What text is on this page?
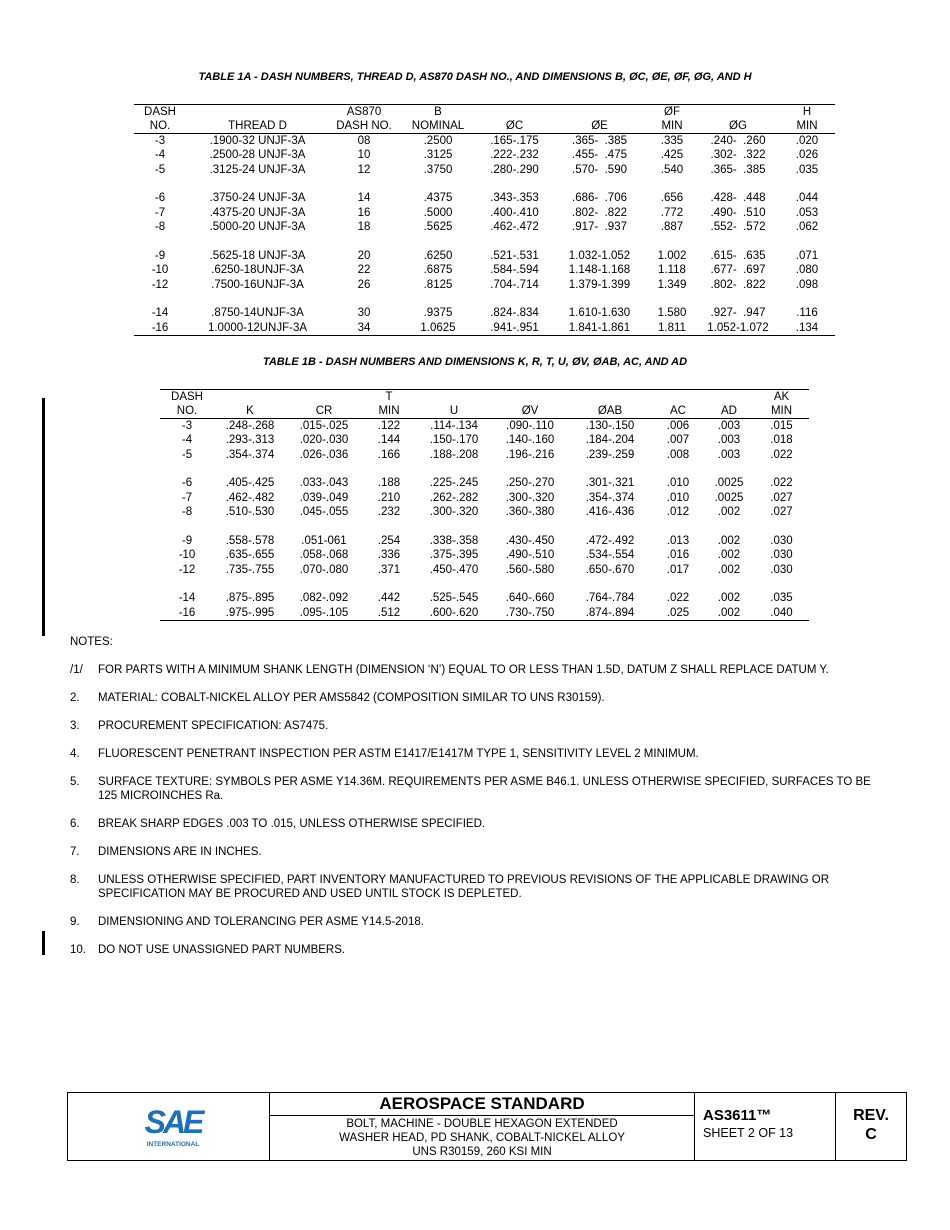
TABLE 1A - DASH NUMBERS, THREAD D, AS870 DASH NO., AND DIMENSIONS B, ØC, ØE, ØF, ØG, AND H
DASH		AS870	B			ØF		H
NO.	THREAD D	DASH NO.	NOMINAL	ØC	ØE	MIN	ØG	MIN
-3	.1900-32 UNJF-3A	08	.2500	.165-.175	.365-  .385	.335	.240-  .260	.020
-4	.2500-28 UNJF-3A	10	.3125	.222-.232	.455-  .475	.425	.302-  .322	.026
-5	.3125-24 UNJF-3A	12	.3750	.280-.290	.570-  .590	.540	.365-  .385	.035

-6	.3750-24 UNJF-3A	14	.4375	.343-.353	.686-  .706	.656	.428-  .448	.044
-7	.4375-20 UNJF-3A	16	.5000	.400-.410	.802-  .822	.772	.490-  .510	.053
-8	.5000-20 UNJF-3A	18	.5625	.462-.472	.917-  .937	.887	.552-  .572	.062

-9	.5625-18 UNJF-3A	20	.6250	.521-.531	1.032-1.052	1.002	.615-  .635	.071
-10	.6250-18UNJF-3A	22	.6875	.584-.594	1.148-1.168	1.118	.677-  .697	.080
-12	.7500-16UNJF-3A	26	.8125	.704-.714	1.379-1.399	1.349	.802-  .822	.098

-14	.8750-14UNJF-3A	30	.9375	.824-.834	1.610-1.630	1.580	.927-  .947	.116
-16	1.0000-12UNJF-3A	34	1.0625	.941-.951	1.841-1.861	1.811	1.052-1.072	.134
TABLE 1B - DASH NUMBERS AND DIMENSIONS K, R, T, U, ØV, ØAB, AC, AND AD
DASH			T						AK
NO.	K	CR	MIN	U	ØV	ØAB	AC	AD	MIN
-3	.248-.268	.015-.025	.122	.114-.134	.090-.110	.130-.150	.006	.003	.015
-4	.293-.313	.020-.030	.144	.150-.170	.140-.160	.184-.204	.007	.003	.018
-5	.354-.374	.026-.036	.166	.188-.208	.196-.216	.239-.259	.008	.003	.022

-6	.405-.425	.033-.043	.188	.225-.245	.250-.270	.301-.321	.010	.0025	.022
-7	.462-.482	.039-.049	.210	.262-.282	.300-.320	.354-.374	.010	.0025	.027
-8	.510-.530	.045-.055	.232	.300-.320	.360-.380	.416-.436	.012	.002	.027

-9	.558-.578	.051-061	.254	.338-.358	.430-.450	.472-.492	.013	.002	.030
-10	.635-.655	.058-.068	.336	.375-.395	.490-.510	.534-.554	.016	.002	.030
-12	.735-.755	.070-.080	.371	.450-.470	.560-.580	.650-.670	.017	.002	.030

-14	.875-.895	.082-.092	.442	.525-.545	.640-.660	.764-.784	.022	.002	.035
-16	.975-.995	.095-.105	.512	.600-.620	.730-.750	.874-.894	.025	.002	.040
NOTES:
/1/	FOR PARTS WITH A MINIMUM SHANK LENGTH (DIMENSION ‘N’) EQUAL TO OR LESS THAN 1.5D, DATUM Z SHALL REPLACE DATUM Y.
2.	MATERIAL: COBALT-NICKEL ALLOY PER AMS5842 (COMPOSITION SIMILAR TO UNS R30159).
3.	PROCUREMENT SPECIFICATION: AS7475.
4.	FLUORESCENT PENETRANT INSPECTION PER ASTM E1417/E1417M TYPE 1, SENSITIVITY LEVEL 2 MINIMUM.
5.	SURFACE TEXTURE: SYMBOLS PER ASME Y14.36M. REQUIREMENTS PER ASME B46.1. UNLESS OTHERWISE SPECIFIED, SURFACES TO BE 125 MICROINCHES Ra.
6.	BREAK SHARP EDGES .003 TO .015, UNLESS OTHERWISE SPECIFIED.
7.	DIMENSIONS ARE IN INCHES.
8.	UNLESS OTHERWISE SPECIFIED, PART INVENTORY MANUFACTURED TO PREVIOUS REVISIONS OF THE APPLICABLE DRAWING OR SPECIFICATION MAY BE PROCURED AND USED UNTIL STOCK IS DEPLETED.
9.	DIMENSIONING AND TOLERANCING PER ASME Y14.5-2018.
10.	DO NOT USE UNASSIGNED PART NUMBERS.
SAE
INTERNATIONAL
AEROSPACE STANDARD
BOLT, MACHINE - DOUBLE HEXAGON EXTENDED
WASHER HEAD, PD SHANK, COBALT-NICKEL ALLOY
UNS R30159, 260 KSI MIN
AS3611™
SHEET 2 OF 13
REV.
C
